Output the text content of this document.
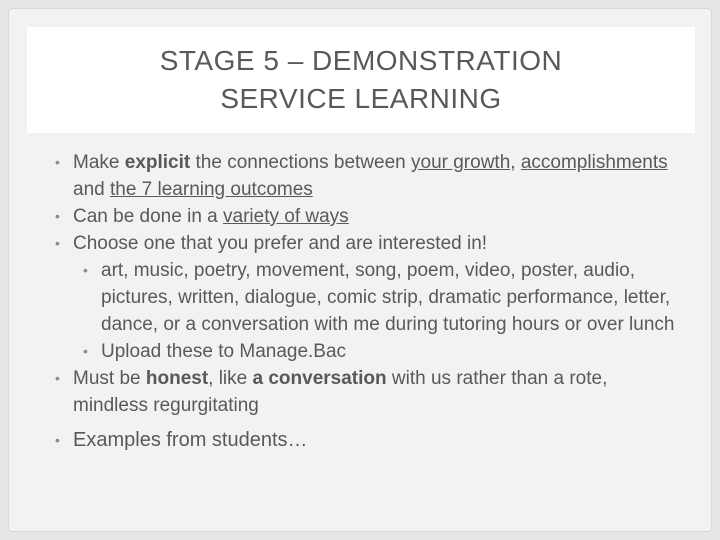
STAGE 5 – DEMONSTRATION
SERVICE LEARNING
• Make explicit the connections between your growth, accomplishments and the 7 learning outcomes
• Can be done in a variety of ways
• Choose one that you prefer and are interested in!
• art, music, poetry, movement, song, poem, video, poster, audio, pictures, written, dialogue, comic strip, dramatic performance, letter, dance, or a conversation with me during tutoring hours or over lunch
• Upload these to Manage.Bac
• Must be honest, like a conversation with us rather than a rote, mindless regurgitating
• Examples from students…
